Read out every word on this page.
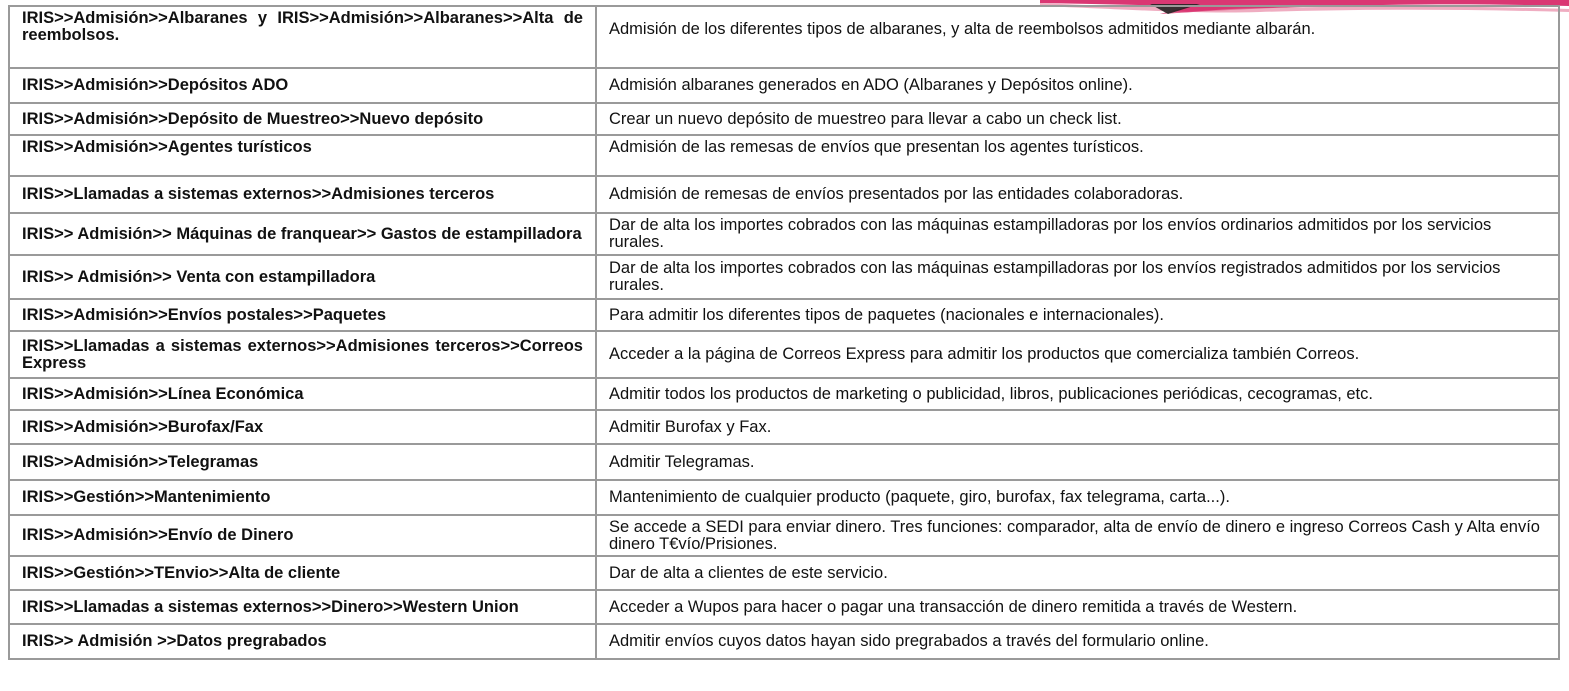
IRIS>>Admisión>>Albaranes y IRIS>>Admisión>>Albaranes>>Alta de reembolsos.	Admisión de los diferentes tipos de albaranes, y alta de reembolsos admitidos mediante albarán.
IRIS>>Admisión>>Depósitos ADO	Admisión albaranes generados en ADO (Albaranes y Depósitos online).
IRIS>>Admisión>>Depósito de Muestreo>>Nuevo depósito	Crear un nuevo depósito de muestreo para llevar a cabo un check list.
IRIS>>Admisión>>Agentes turísticos	Admisión de las remesas de envíos que presentan los agentes turísticos.
IRIS>>Llamadas a sistemas externos>>Admisiones terceros	Admisión de remesas de envíos presentados por las entidades colaboradoras.
IRIS>> Admisión>> Máquinas de franquear>> Gastos de estampilladora	Dar de alta los importes cobrados con las máquinas estampilladoras por los envíos ordinarios admitidos por los servicios rurales.
IRIS>> Admisión>> Venta con estampilladora	Dar de alta los importes cobrados con las máquinas estampilladoras por los envíos registrados admitidos por los servicios rurales.
IRIS>>Admisión>>Envíos postales>>Paquetes	Para admitir los diferentes tipos de paquetes (nacionales e internacionales).
IRIS>>Llamadas a sistemas externos>>Admisiones terceros>>Correos Express	Acceder a la página de Correos Express para admitir los productos que comercializa también Correos.
IRIS>>Admisión>>Línea Económica	Admitir todos los productos de marketing o publicidad, libros, publicaciones periódicas, cecogramas, etc.
IRIS>>Admisión>>Burofax/Fax	Admitir Burofax y Fax.
IRIS>>Admisión>>Telegramas	Admitir Telegramas.
IRIS>>Gestión>>Mantenimiento	Mantenimiento de cualquier producto (paquete, giro, burofax, fax telegrama, carta...).
IRIS>>Admisión>>Envío de Dinero	Se accede a SEDI para enviar dinero. Tres funciones: comparador, alta de envío de dinero e ingreso Correos Cash y Alta envío dinero T€vío/Prisiones.
IRIS>>Gestión>>TEnvio>>Alta de cliente	Dar de alta a clientes de este servicio.
IRIS>>Llamadas a sistemas externos>>Dinero>>Western Union	Acceder a Wupos para hacer o pagar una transacción de dinero remitida a través de Western.
IRIS>> Admisión >>Datos pregrabados	Admitir envíos cuyos datos hayan sido pregrabados a través del formulario online.
